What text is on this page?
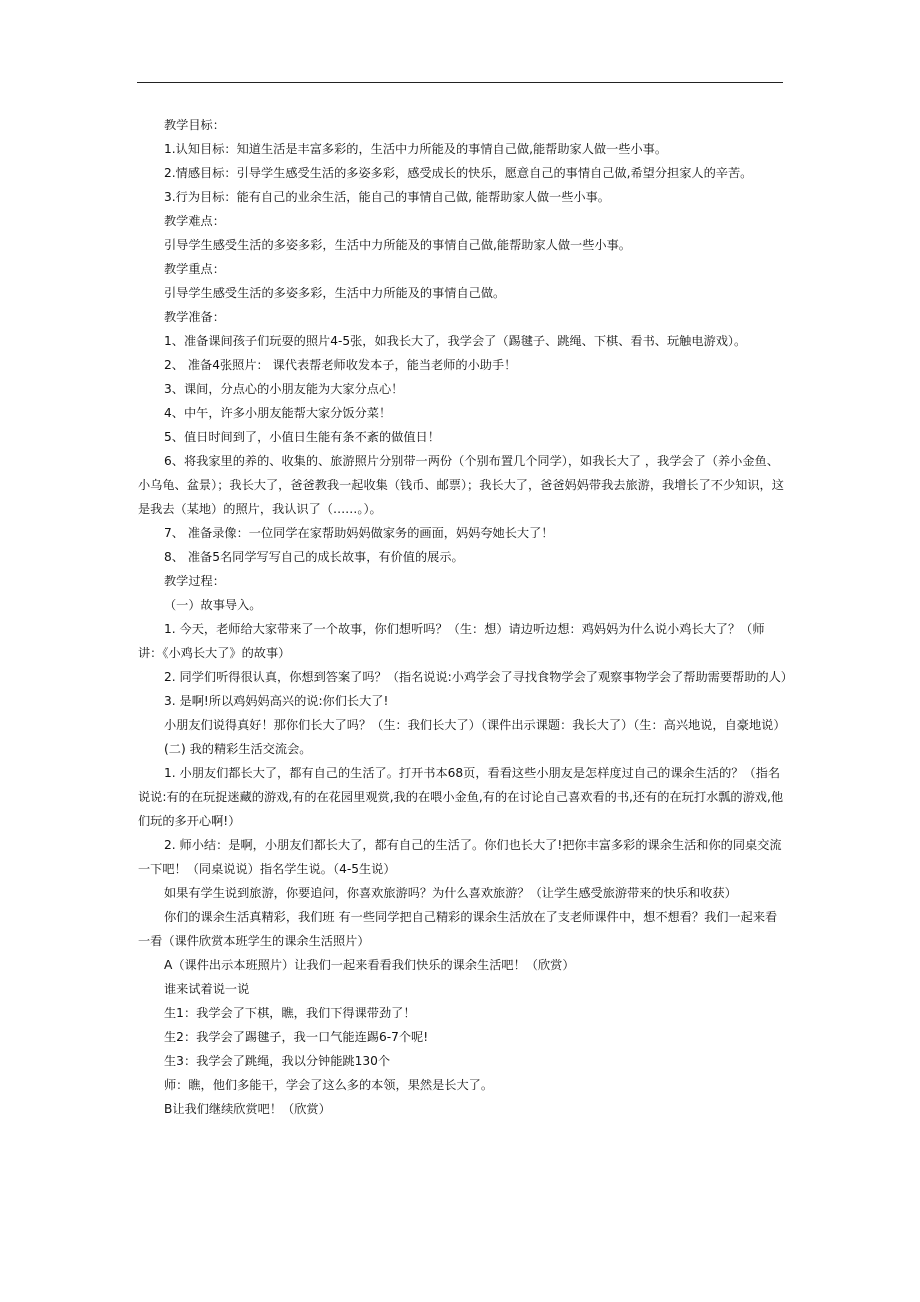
教学目标：

1.认知目标：知道生活是丰富多彩的，生活中力所能及的事情自己做,能帮助家人做一些小事。

2.情感目标：引导学生感受生活的多姿多彩，感受成长的快乐，愿意自己的事情自己做,希望分担家人的辛苦。

3.行为目标：能有自己的业余生活，能自己的事情自己做, 能帮助家人做一些小事。

教学难点：

引导学生感受生活的多姿多彩，生活中力所能及的事情自己做,能帮助家人做一些小事。

教学重点：

引导学生感受生活的多姿多彩，生活中力所能及的事情自己做。

教学准备：

1、准备课间孩子们玩耍的照片4-5张，如我长大了，我学会了（踢毽子、跳绳、下棋、看书、玩触电游戏）。

2、 准备4张照片： 课代表帮老师收发本子，能当老师的小助手！

3、课间，分点心的小朋友能为大家分点心！

4、中午，许多小朋友能帮大家分饭分菜！

5、值日时间到了，小值日生能有条不紊的做值日！

6、将我家里的养的、收集的、旅游照片分别带一两份（个别布置几个同学），如我长大了 ，我学会了（养小金鱼、小乌龟、盆景）；我长大了，爸爸教我一起收集（钱币、邮票）；我长大了，爸爸妈妈带我去旅游，我增长了不少知识，这是我去（某地）的照片，我认识了（……。）。

7、 准备录像：一位同学在家帮助妈妈做家务的画面，妈妈夸她长大了！

8、 准备5名同学写写自己的成长故事，有价值的展示。

教学过程：

（一）故事导入。

1. 今天，老师给大家带来了一个故事，你们想听吗？（生：想）请边听边想：鸡妈妈为什么说小鸡长大了？（师讲：《小鸡长大了》的故事）

2. 同学们听得很认真，你想到答案了吗？（指名说说:小鸡学会了寻找食物学会了观察事物学会了帮助需要帮助的人）

3. 是啊!所以鸡妈妈高兴的说:你们长大了!

小朋友们说得真好！那你们长大了吗？（生：我们长大了）（课件出示课题：我长大了）（生：高兴地说，自豪地说）

(二) 我的精彩生活交流会。

1. 小朋友们都长大了，都有自己的生活了。打开书本68页，看看这些小朋友是怎样度过自己的课余生活的？（指名说说:有的在玩捉迷藏的游戏,有的在花园里观赏,我的在喂小金鱼,有的在讨论自己喜欢看的书,还有的在玩打水瓢的游戏,他们玩的多开心啊!）

2. 师小结：是啊，小朋友们都长大了，都有自己的生活了。你们也长大了!把你丰富多彩的课余生活和你的同桌交流一下吧！（同桌说说）指名学生说。（4-5生说）

如果有学生说到旅游，你要追问，你喜欢旅游吗？为什么喜欢旅游？（让学生感受旅游带来的快乐和收获）

你们的课余生活真精彩，我们班 有一些同学把自己精彩的课余生活放在了支老师课件中，想不想看？我们一起来看一看（课件欣赏本班学生的课余生活照片）

A（课件出示本班照片）让我们一起来看看我们快乐的课余生活吧！（欣赏）

谁来试着说一说

生1：我学会了下棋，瞧，我们下得课带劲了！

生2：我学会了踢毽子，我一口气能连踢6-7个呢!

生3：我学会了跳绳，我以分钟能跳130个

师：瞧，他们多能干，学会了这么多的本领，果然是长大了。

B让我们继续欣赏吧！（欣赏）
